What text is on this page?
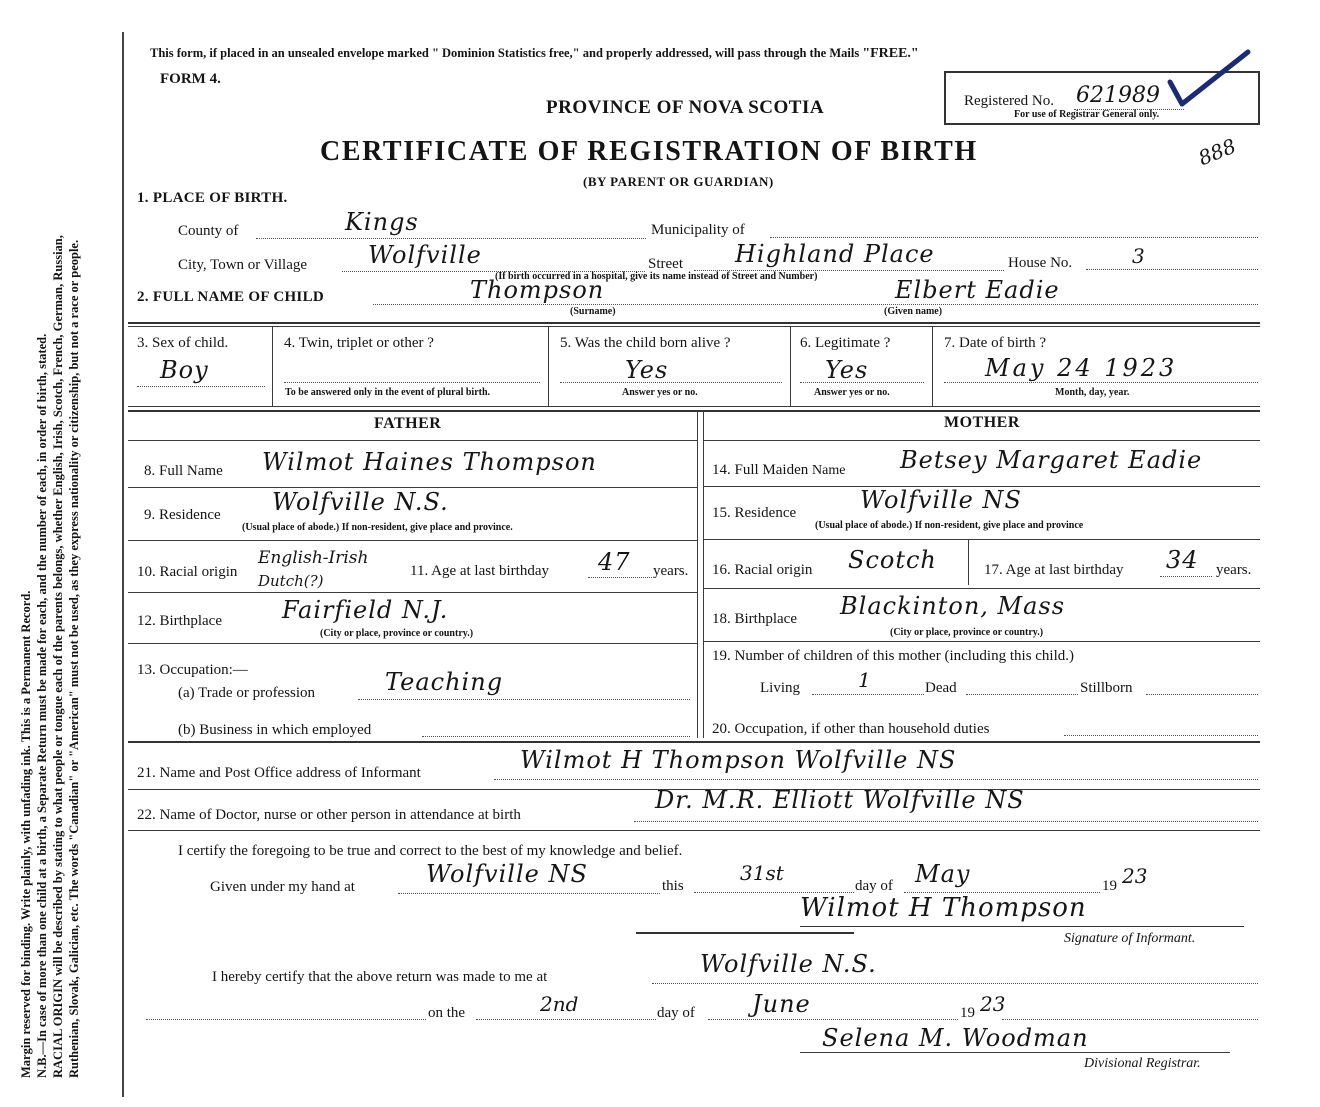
Margin reserved for binding. Write plainly, with unfading ink. This is a Permanent Record. N.B.—In case of more than one child at a birth, a Separate Return must be made for each, and the number of each, in order of birth, stated. RACIAL ORIGIN will be described by stating to what people or tongue each of the parents belongs, whether English, Irish, Scotch, French, German, Russian, Ruthenian, Slovak, Galician, etc. The words "Canadian" or "American" must not be used, as they express nationality or citizenship, but not a race or people.
This form, if placed in an unsealed envelope marked " Dominion Statistics free," and properly addressed, will pass through the Mails "FREE."
FORM 4.
PROVINCE OF NOVA SCOTIA
CERTIFICATE OF REGISTRATION OF BIRTH
(BY PARENT OR GUARDIAN)
Registered No. 621989
For use of Registrar General only.
888
1. PLACE OF BIRTH.
County of	Kings	Municipality of
City, Town or Village	Wolfville	Street Highland Place	House No.	3
(If birth occurred in a hospital, give its name instead of Street and Number)
2. FULL NAME OF CHILD	Thompson
(Surname)
Elbert Eadie
(Given name)
3. Sex of child.
Boy
4. Twin, triplet or other ?
To be answered only in the event of plural birth.
5. Was the child born alive ?
Yes
Answer yes or no.
6. Legitimate ?
Yes
Answer yes or no.
7. Date of birth ?
May 24 1923
Month, day, year.
FATHER	MOTHER
8. Full Name Wilmot Haines Thompson
9. Residence Wolfville N.S.
(Usual place of abode.) If non-resident, give place and province.
10. Racial origin
English-Irish
Dutch(?)
11. Age at last birthday 47 years.
12. Birthplace	Fairfield N.J.
(City or place, province or country.)
13. Occupation:—
(a) Trade or profession	Teaching
(b) Business in which employed
14. Full Maiden Name Betsey Margaret Eadie
15. Residence	Wolfville NS
(Usual place of abode.) If non-resident, give place and province
16. Racial origin Scotch	17. Age at last birthday 34 years.
18. Birthplace Blackinton, Mass
(City or place, province or country.)
19. Number of children of this mother (including this child.)
Living	1	Dead	Stillborn
20. Occupation, if other than household duties
21. Name and Post Office address of Informant	Wilmot H Thompson Wolfville NS
22. Name of Doctor, nurse or other person in attendance at birth
Dr. M.R. Elliott Wolfville NS
I certify the foregoing to be true and correct to the best of my knowledge and belief.
Given under my hand at	Wolfville NS	this
31st
day of May	19 23
Wilmot H Thompson
Signature of Informant.
I hereby certify that the above return was made to me at	Wolfville N.S.
on the	2nd	day of June	19 23
Selena M. Woodman
Divisional Registrar.
